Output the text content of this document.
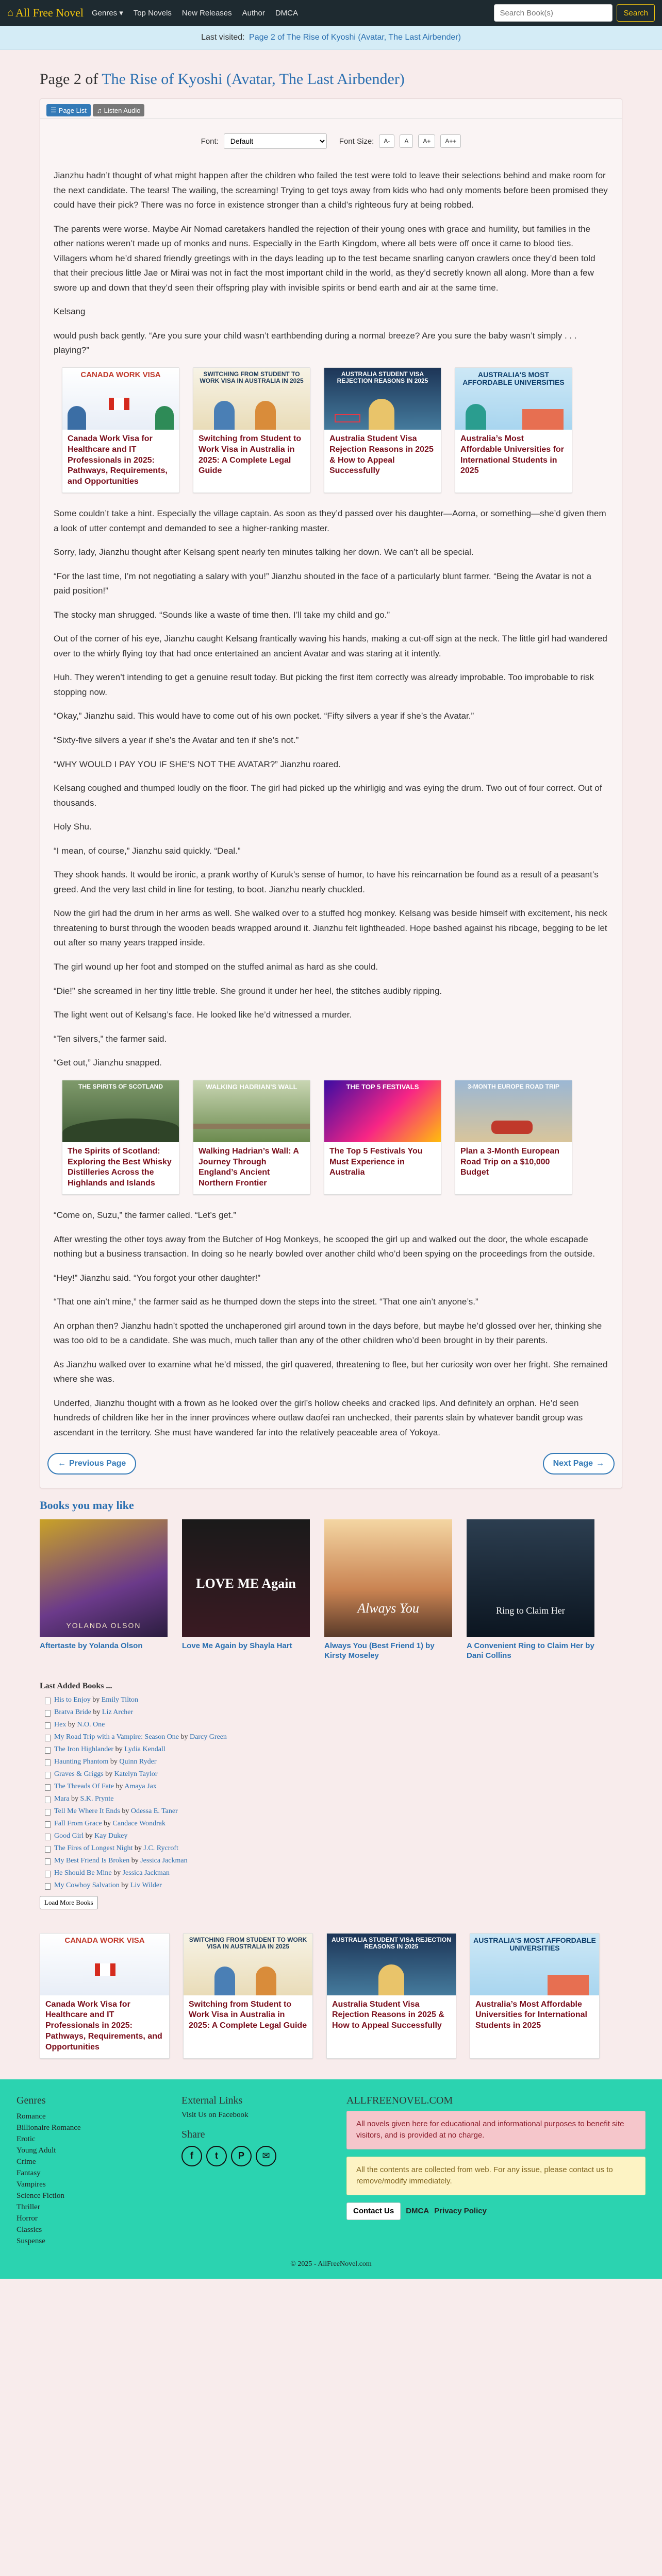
⌂ All Free Novel Genres ▾ Top Novels New Releases Author DMCA
Search Book(s)	Search
Last visited: Page 2 of The Rise of Kyoshi (Avatar, The Last Airbender)
Page 2 of The Rise of Kyoshi (Avatar, The Last Airbender)
☰ Page List ♫ Listen Audio
Font:
Default	Font Size:	A-	A	A+	A++

Jianzhu hadn’t thought of what might happen after the children who failed the test were told to leave their selections behind and make room for the next candidate. The tears! The wailing, the screaming! Trying to get toys away from kids who had only moments before been promised they could have their pick? There was no force in existence stronger than a child’s righteous fury at being robbed.

The parents were worse. Maybe Air Nomad caretakers handled the rejection of their young ones with grace and humility, but families in the other nations weren’t made up of monks and nuns. Especially in the Earth Kingdom, where all bets were off once it came to blood ties. Villagers whom he’d shared friendly greetings with in the days leading up to the test became snarling canyon crawlers once they’d been told that their precious little Jae or Mirai was not in fact the most important child in the world, as they’d secretly known all along. More than a few swore up and down that they’d seen their offspring play with invisible spirits or bend earth and air at the same time.

Kelsang

would push back gently. “Are you sure your child wasn’t earthbending during a normal breeze? Are you sure the baby wasn’t simply . . . playing?”

CANADA WORK VISA
Canada Work Visa for Healthcare and IT Professionals in 2025: Pathways, Requirements, and Opportunities
SWITCHING FROM STUDENT TO WORK VISA IN AUSTRALIA IN 2025
Switching from Student to Work Visa in Australia in 2025: A Complete Legal Guide
AUSTRALIA STUDENT VISA REJECTION REASONS IN 2025
Australia Student Visa Rejection Reasons in 2025 & How to Appeal Successfully
AUSTRALIA'S MOST AFFORDABLE UNIVERSITIES
Australia’s Most Affordable Universities for International Students in 2025

Some couldn’t take a hint. Especially the village captain. As soon as they’d passed over his daughter—Aorna, or something—she’d given them a look of utter contempt and demanded to see a higher-ranking master.

Sorry, lady, Jianzhu thought after Kelsang spent nearly ten minutes talking her down. We can’t all be special.

“For the last time, I’m not negotiating a salary with you!” Jianzhu shouted in the face of a particularly blunt farmer. “Being the Avatar is not a paid position!”

The stocky man shrugged. “Sounds like a waste of time then. I’ll take my child and go.”

Out of the corner of his eye, Jianzhu caught Kelsang frantically waving his hands, making a cut-off sign at the neck. The little girl had wandered over to the whirly flying toy that had once entertained an ancient Avatar and was staring at it intently.

Huh. They weren’t intending to get a genuine result today. But picking the first item correctly was already improbable. Too improbable to risk stopping now.

“Okay,” Jianzhu said. This would have to come out of his own pocket. “Fifty silvers a year if she’s the Avatar.”

“Sixty-five silvers a year if she’s the Avatar and ten if she’s not.”

“WHY WOULD I PAY YOU IF SHE’S NOT THE AVATAR?” Jianzhu roared.

Kelsang coughed and thumped loudly on the floor. The girl had picked up the whirligig and was eying the drum. Two out of four correct. Out of thousands.

Holy Shu.

“I mean, of course,” Jianzhu said quickly. “Deal.”

They shook hands. It would be ironic, a prank worthy of Kuruk’s sense of humor, to have his reincarnation be found as a result of a peasant’s greed. And the very last child in line for testing, to boot. Jianzhu nearly chuckled.

Now the girl had the drum in her arms as well. She walked over to a stuffed hog monkey. Kelsang was beside himself with excitement, his neck threatening to burst through the wooden beads wrapped around it. Jianzhu felt lightheaded. Hope bashed against his ribcage, begging to be let out after so many years trapped inside.

The girl wound up her foot and stomped on the stuffed animal as hard as she could.

“Die!” she screamed in her tiny little treble. She ground it under her heel, the stitches audibly ripping.

The light went out of Kelsang’s face. He looked like he’d witnessed a murder.

“Ten silvers,” the farmer said.

“Get out,” Jianzhu snapped.

THE SPIRITS OF SCOTLAND
The Spirits of Scotland: Exploring the Best Whisky Distilleries Across the Highlands and Islands
WALKING HADRIAN'S WALL
Walking Hadrian’s Wall: A Journey Through England’s Ancient Northern Frontier
THE TOP 5 FESTIVALS
The Top 5 Festivals You Must Experience in Australia
3-MONTH EUROPE ROAD TRIP
Plan a 3-Month European Road Trip on a $10,000 Budget

“Come on, Suzu,” the farmer called. “Let’s get.”

After wresting the other toys away from the Butcher of Hog Monkeys, he scooped the girl up and walked out the door, the whole escapade nothing but a business transaction. In doing so he nearly bowled over another child who’d been spying on the proceedings from the outside.

“Hey!” Jianzhu said. “You forgot your other daughter!”

“That one ain’t mine,” the farmer said as he thumped down the steps into the street. “That one ain’t anyone’s.”

An orphan then? Jianzhu hadn’t spotted the unchaperoned girl around town in the days before, but maybe he’d glossed over her, thinking she was too old to be a candidate. She was much, much taller than any of the other children who’d been brought in by their parents.

As Jianzhu walked over to examine what he’d missed, the girl quavered, threatening to flee, but her curiosity won over her fright. She remained where she was.

Underfed, Jianzhu thought with a frown as he looked over the girl’s hollow cheeks and cracked lips. And definitely an orphan. He’d seen hundreds of children like her in the inner provinces where outlaw daofei ran unchecked, their parents slain by whatever bandit group was ascendant in the territory. She must have wandered far into the relatively peaceable area of Yokoya.

← Previous Page	Next Page →
Books you may like
YOLANDA OLSON
Aftertaste by Yolanda Olson
LOVE ME Again
Love Me Again by Shayla Hart
Always You
Always You (Best Friend 1) by Kirsty Moseley
Ring to Claim Her
A Convenient Ring to Claim Her by Dani Collins
Last Added Books ...
His to Enjoy by Emily Tilton
Bratva Bride by Liz Archer
Hex by N.O. One
My Road Trip with a Vampire: Season One by Darcy Green
The Iron Highlander by Lydia Kendall
Haunting Phantom by Quinn Ryder
Graves & Griggs by Katelyn Taylor
The Threads Of Fate by Amaya Jax
Mara by S.K. Prynte
Tell Me Where It Ends by Odessa E. Taner
Fall From Grace by Candace Wondrak
Good Girl by Kay Dukey
The Fires of Longest Night by J.C. Rycroft
My Best Friend Is Broken by Jessica Jackman
He Should Be Mine by Jessica Jackman
My Cowboy Salvation by Liv Wilder
Load More Books
CANADA WORK VISA
Canada Work Visa for Healthcare and IT Professionals in 2025: Pathways, Requirements, and Opportunities
SWITCHING FROM STUDENT TO WORK VISA IN AUSTRALIA IN 2025
Switching from Student to Work Visa in Australia in 2025: A Complete Legal Guide
AUSTRALIA STUDENT VISA REJECTION REASONS IN 2025
Australia Student Visa Rejection Reasons in 2025 & How to Appeal Successfully
AUSTRALIA'S MOST AFFORDABLE UNIVERSITIES
Australia’s Most Affordable Universities for International Students in 2025
Genres
Romance
Billionaire Romance
Erotic
Young Adult
Crime
Fantasy
Vampires
Science Fiction
Thriller
Horror
Classics
Suspense
External Links
Visit Us on Facebook
Share
f	t	P	✉
ALLFREENOVEL.COM
All novels given here for educational and informational purposes to benefit site visitors, and is provided at no charge.
All the contents are collected from web. For any issue, please contact us to remove/modify immediately.
Contact Us	DMCA Privacy Policy
© 2025 - AllFreeNovel.com
